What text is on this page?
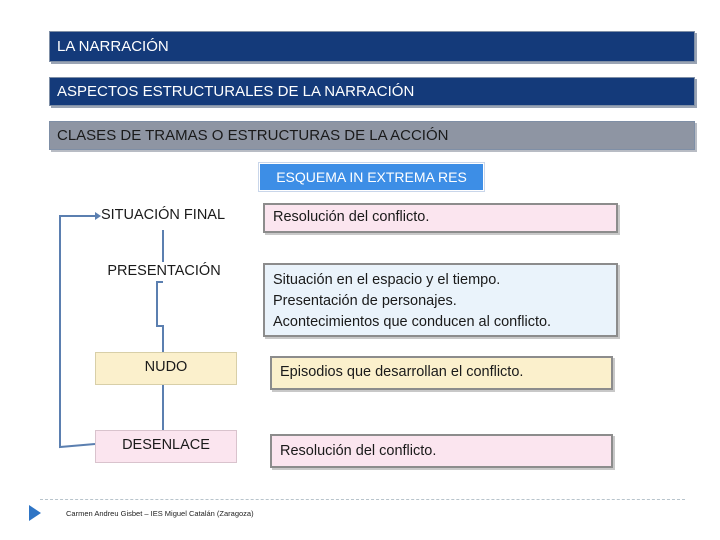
LA NARRACIÓN
ASPECTOS ESTRUCTURALES DE LA NARRACIÓN
CLASES DE TRAMAS O ESTRUCTURAS DE LA ACCIÓN
ESQUEMA IN EXTREMA RES
SITUACIÓN FINAL	Resolución del conflicto.
PRESENTACIÓN
Situación en el espacio y el tiempo.
Presentación de personajes.
Acontecimientos que conducen al conflicto.
NUDO	Episodios que desarrollan el conflicto.
DESENLACE	Resolución del conflicto.
Carmen Andreu Gisbet – IES Miguel Catalán (Zaragoza)
